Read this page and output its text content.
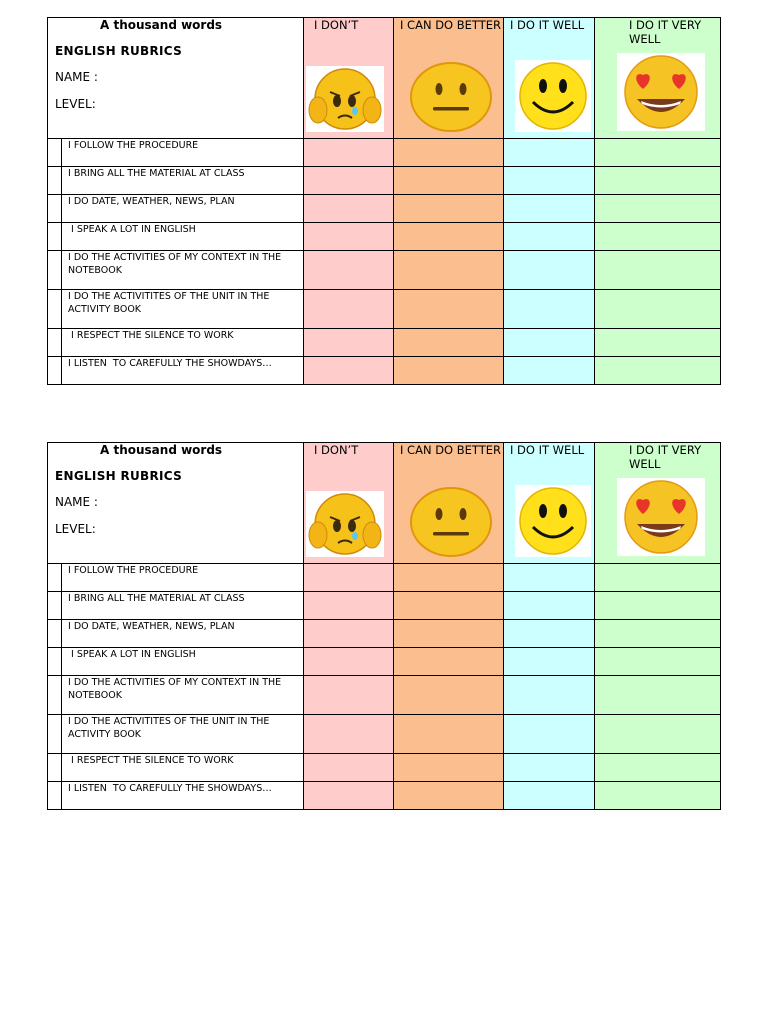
A thousand words
ENGLISH RUBRICS
NAME :
LEVEL:		I DON’T	I CAN DO BETTER	I DO IT WELL	I DO IT VERY WELL

	I FOLLOW THE PROCEDURE				
	I BRING ALL THE MATERIAL AT CLASS				
	I DO DATE, WEATHER, NEWS, PLAN				
	I SPEAK A LOT IN ENGLISH				
	I DO THE ACTIVITIES OF MY CONTEXT IN THE NOTEBOOK				
	I DO THE ACTIVITITES OF THE UNIT IN THE ACTIVITY BOOK				
	I RESPECT THE SILENCE TO WORK				
	I LISTEN  TO CAREFULLY THE SHOWDAYS…				
A thousand words
ENGLISH RUBRICS
NAME :
LEVEL:		I DON’T	I CAN DO BETTER	I DO IT WELL	I DO IT VERY WELL

	I FOLLOW THE PROCEDURE				
	I BRING ALL THE MATERIAL AT CLASS				
	I DO DATE, WEATHER, NEWS, PLAN				
	I SPEAK A LOT IN ENGLISH				
	I DO THE ACTIVITIES OF MY CONTEXT IN THE NOTEBOOK				
	I DO THE ACTIVITITES OF THE UNIT IN THE ACTIVITY BOOK				
	I RESPECT THE SILENCE TO WORK				
	I LISTEN  TO CAREFULLY THE SHOWDAYS…				
